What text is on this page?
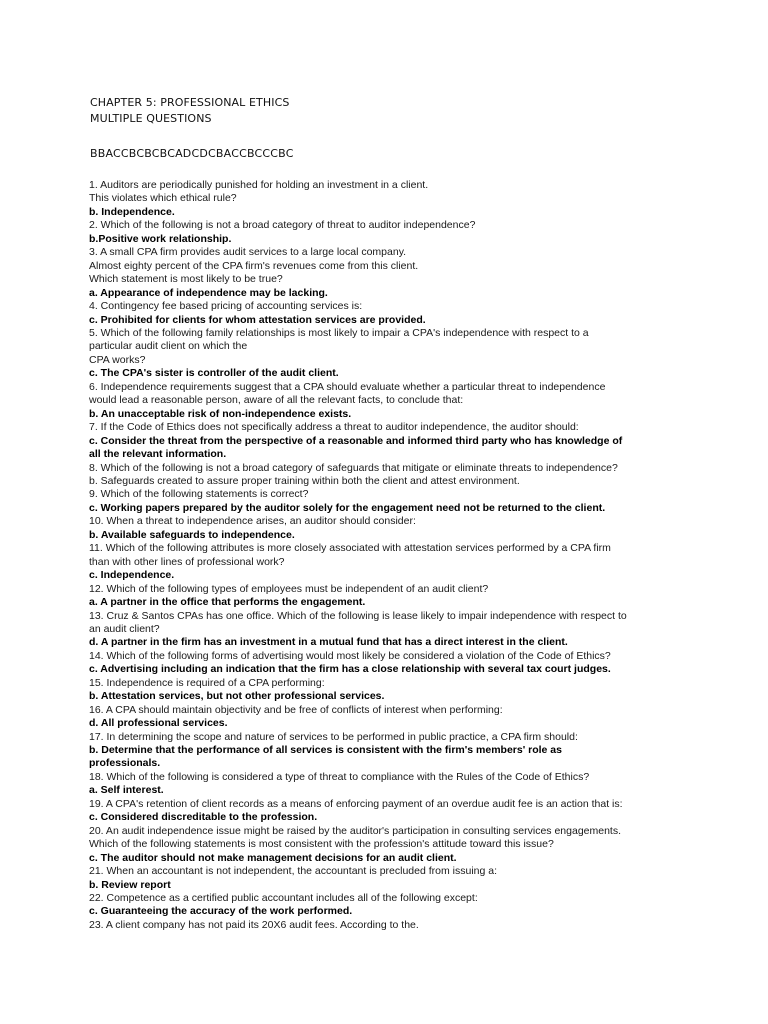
CHAPTER 5: PROFESSIONAL ETHICS
MULTIPLE QUESTIONS
BBACCBCBCBCADCDCBACCBCCCBC
1. Auditors are periodically punished for holding an investment in a client.
This violates which ethical rule?
b. Independence.
2. Which of the following is not a broad category of threat to auditor independence?
b.Positive work relationship.
3. A small CPA firm provides audit services to a large local company.
Almost eighty percent of the CPA firm's revenues come from this client.
Which statement is most likely to be true?
a. Appearance of independence may be lacking.
4. Contingency fee based pricing of accounting services is:
c. Prohibited for clients for whom attestation services are provided.
5. Which of the following family relationships is most likely to impair a CPA's independence with respect to a
particular audit client on which the
CPA works?
c. The CPA's sister is controller of the audit client.
6. Independence requirements suggest that a CPA should evaluate whether a particular threat to independence
would lead a reasonable person, aware of all the relevant facts, to conclude that:
b. An unacceptable risk of non-independence exists.
7. If the Code of Ethics does not specifically address a threat to auditor independence, the auditor should:
c. Consider the threat from the perspective of a reasonable and informed third party who has knowledge of
all the relevant information.
8. Which of the following is not a broad category of safeguards that mitigate or eliminate threats to independence?
b. Safeguards created to assure proper training within both the client and attest environment.
9. Which of the following statements is correct?
c. Working papers prepared by the auditor solely for the engagement need not be returned to the client.
10. When a threat to independence arises, an auditor should consider:
b. Available safeguards to independence.
11. Which of the following attributes is more closely associated with attestation services performed by a CPA firm
than with other lines of professional work?
c. Independence.
12. Which of the following types of employees must be independent of an audit client?
a. A partner in the office that performs the engagement.
13. Cruz & Santos CPAs has one office. Which of the following is lease likely to impair independence with respect to
an audit client?
d. A partner in the firm has an investment in a mutual fund that has a direct interest in the client.
14. Which of the following forms of advertising would most likely be considered a violation of the Code of Ethics?
c. Advertising including an indication that the firm has a close relationship with several tax court judges.
15. Independence is required of a CPA performing:
b. Attestation services, but not other professional services.
16. A CPA should maintain objectivity and be free of conflicts of interest when performing:
d. All professional services.
17. In determining the scope and nature of services to be performed in public practice, a CPA firm should:
b. Determine that the performance of all services is consistent with the firm's members' role as
professionals.
18. Which of the following is considered a type of threat to compliance with the Rules of the Code of Ethics?
a. Self interest.
19. A CPA's retention of client records as a means of enforcing payment of an overdue audit fee is an action that is:
c. Considered discreditable to the profession.
20. An audit independence issue might be raised by the auditor's participation in consulting services engagements.
Which of the following statements is most consistent with the profession's attitude toward this issue?
c. The auditor should not make management decisions for an audit client.
21. When an accountant is not independent, the accountant is precluded from issuing a:
b. Review report
22. Competence as a certified public accountant includes all of the following except:
c. Guaranteeing the accuracy of the work performed.
23. A client company has not paid its 20X6 audit fees. According to the.
